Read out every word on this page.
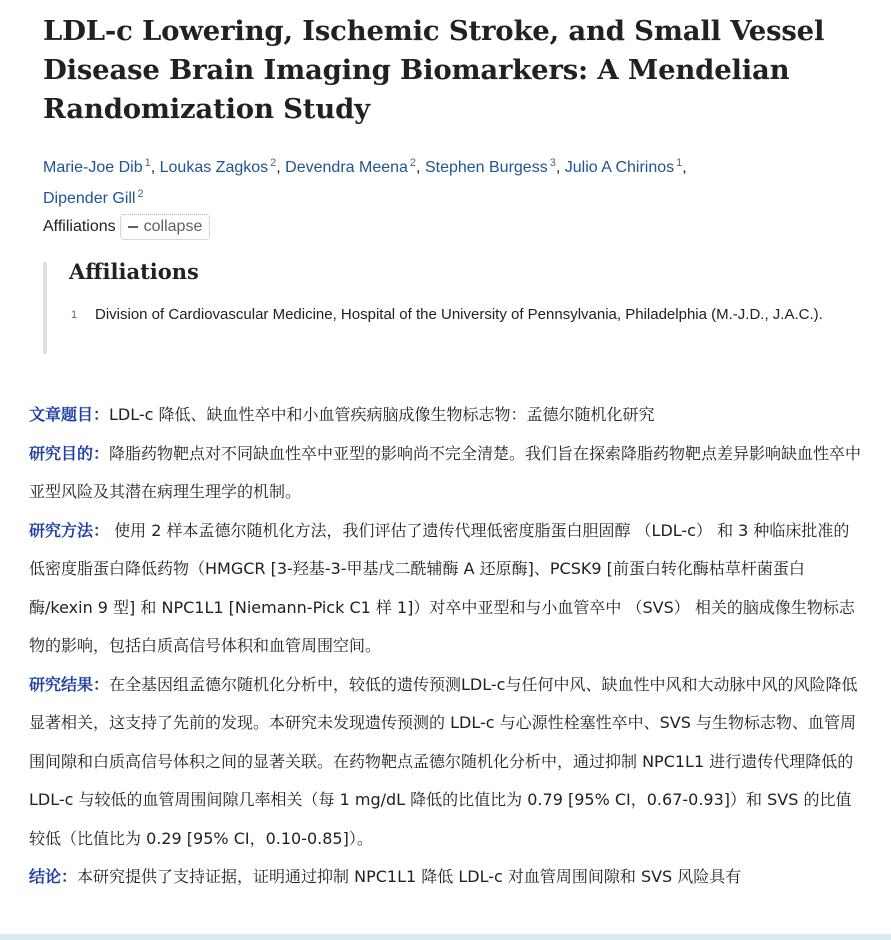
LDL-c Lowering, Ischemic Stroke, and Small Vessel Disease Brain Imaging Biomarkers: A Mendelian Randomization Study
Marie-Joe Dib $^1$, Loukas Zagkos $^2$, Devendra Meena $^2$, Stephen Burgess $^3$, Julio A Chirinos $^1$,
Dipender Gill $^2$
Affiliations collapse
Affiliations
1	Division of Cardiovascular Medicine, Hospital of the University of Pennsylvania, Philadelphia (M.-J.D., J.A.C.).

文章题目：LDL-c 降低、缺血性卒中和小血管疾病脑成像生物标志物：孟德尔随机化研究

研究目的：降脂药物靶点对不同缺血性卒中亚型的影响尚不完全清楚。我们旨在探索降脂药物靶点差异影响缺血性卒中亚型风险及其潜在病理生理学的机制。

研究方法： 使用 2 样本孟德尔随机化方法，我们评估了遗传代理低密度脂蛋白胆固醇 （LDL-c） 和 3 种临床批准的低密度脂蛋白降低药物（HMGCR [3-羟基-3-甲基戊二酰辅酶 A 还原酶]、PCSK9 [前蛋白转化酶枯草杆菌蛋白酶/kexin 9 型] 和 NPC1L1 [Niemann-Pick C1 样 1]）对卒中亚型和与小血管卒中 （SVS） 相关的脑成像生物标志物的影响，包括白质高信号体积和血管周围空间。

研究结果：在全基因组孟德尔随机化分析中，较低的遗传预测LDL-c与任何中风、缺血性中风和大动脉中风的风险降低

显著相关，这支持了先前的发现。本研究未发现遗传预测的 LDL-c 与心源性栓塞性卒中、SVS 与生物标志物、血管周围间隙和白质高信号体积之间的显著关联。在药物靶点孟德尔随机化分析中，通过抑制 NPC1L1 进行遗传代理降低的 LDL-c 与较低的血管周围间隙几率相关（每 1 mg/dL 降低的比值比为 0.79 [95% CI，0.67-0.93]）和 SVS 的比值较低（比值比为 0.29 [95% CI，0.10-0.85]）。

结论：本研究提供了支持证据，证明通过抑制 NPC1L1 降低 LDL-c 对血管周围间隙和 SVS 风险具有
